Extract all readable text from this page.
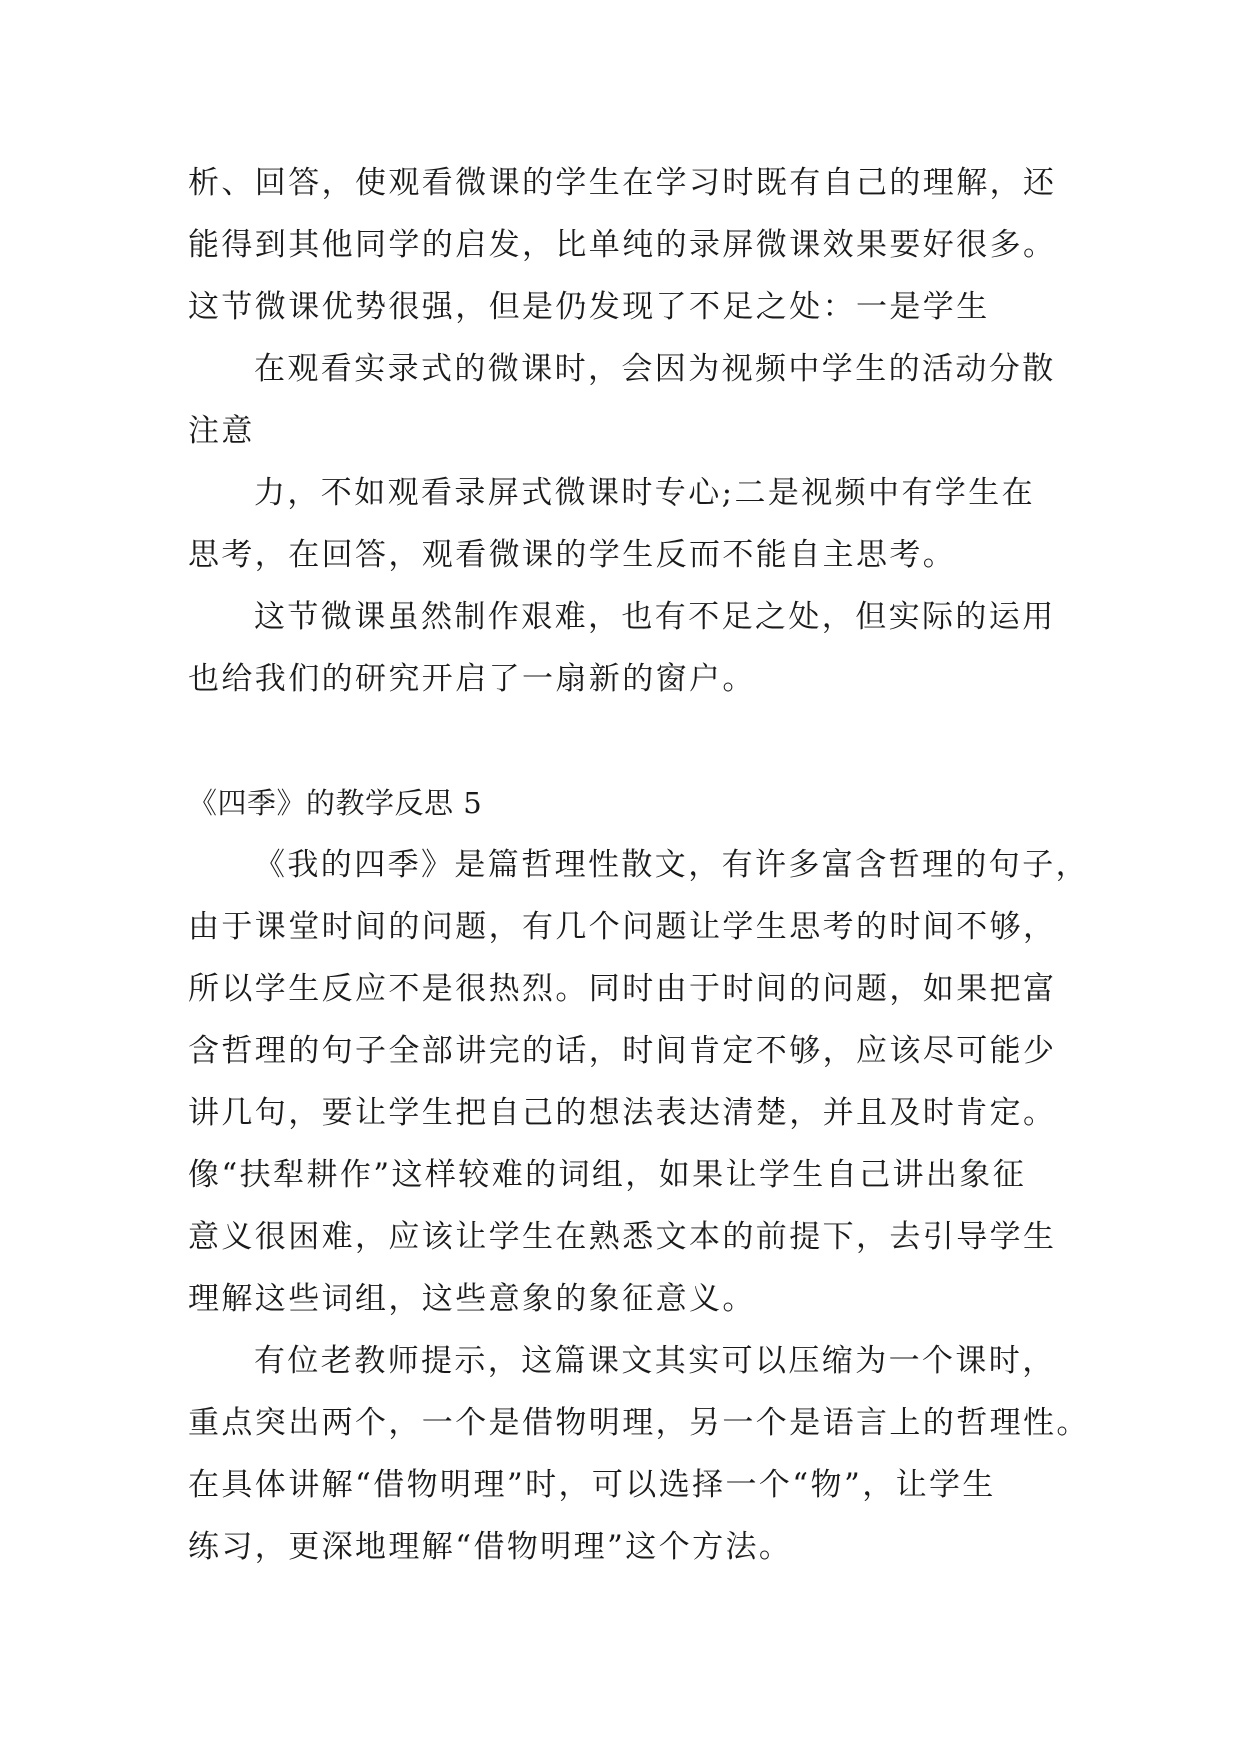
析、回答，使观看微课的学生在学习时既有自己的理解，还
能得到其他同学的启发，比单纯的录屏微课效果要好很多。
这节微课优势很强，但是仍发现了不足之处：一是学生
在观看实录式的微课时，会因为视频中学生的活动分散
注意
力，不如观看录屏式微课时专心;二是视频中有学生在
思考，在回答，观看微课的学生反而不能自主思考。
这节微课虽然制作艰难，也有不足之处，但实际的运用
也给我们的研究开启了一扇新的窗户。
《四季》的教学反思 5
《我的四季》是篇哲理性散文，有许多富含哲理的句子，
由于课堂时间的问题，有几个问题让学生思考的时间不够，
所以学生反应不是很热烈。同时由于时间的问题，如果把富
含哲理的句子全部讲完的话，时间肯定不够，应该尽可能少
讲几句，要让学生把自己的想法表达清楚，并且及时肯定。
像“扶犁耕作”这样较难的词组，如果让学生自己讲出象征
意义很困难，应该让学生在熟悉文本的前提下，去引导学生
理解这些词组，这些意象的象征意义。
有位老教师提示，这篇课文其实可以压缩为一个课时，
重点突出两个，一个是借物明理，另一个是语言上的哲理性。
在具体讲解“借物明理”时，可以选择一个“物”，让学生
练习，更深地理解“借物明理”这个方法。
